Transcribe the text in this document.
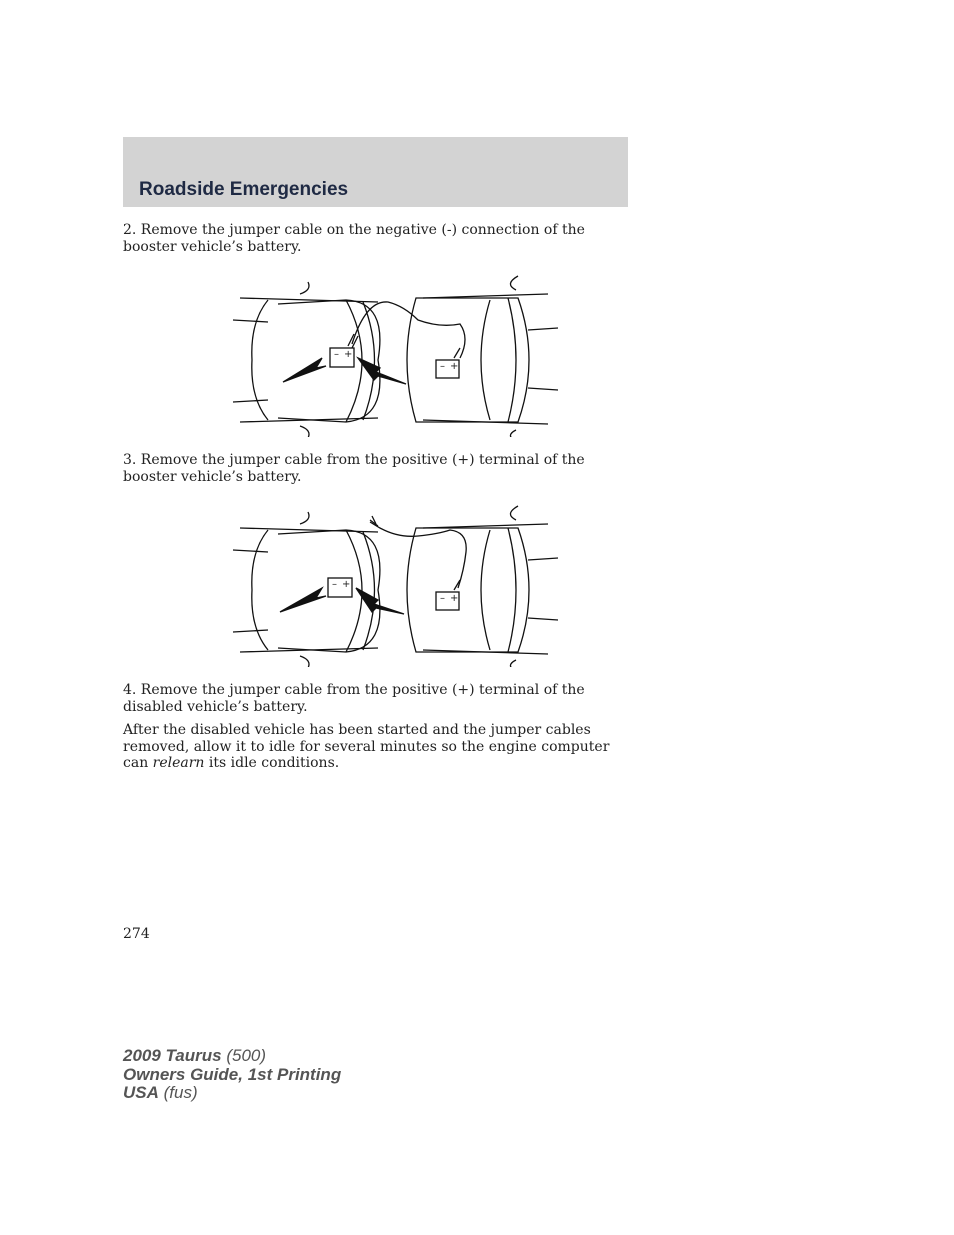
Roadside Emergencies
2. Remove the jumper cable on the negative (-) connection of the booster vehicle’s battery.
– +
– +
3. Remove the jumper cable from the positive (+) terminal of the booster vehicle’s battery.
– +
– +
4. Remove the jumper cable from the positive (+) terminal of the disabled vehicle’s battery.
After the disabled vehicle has been started and the jumper cables removed, allow it to idle for several minutes so the engine computer can relearn its idle conditions.
274
2009 Taurus (500)
Owners Guide, 1st Printing
USA (fus)
